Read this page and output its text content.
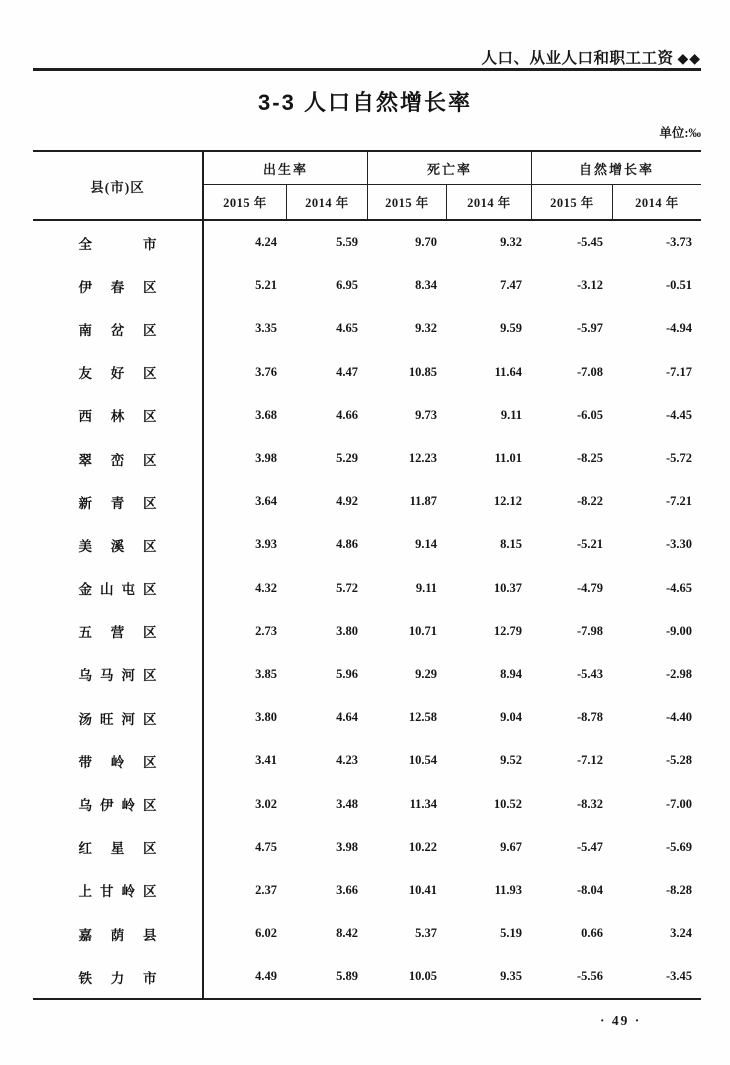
人口、从业人口和职工工资 ◆◆
3-3 人口自然增长率
单位:‰
县(市)区
出生率	死亡率	自然增长率
2015 年	2014 年	2015 年	2014 年	2015 年	2014 年
全市	4.24	5.59	9.70	9.32	-5.45	-3.73
伊春区	5.21	6.95	8.34	7.47	-3.12	-0.51
南岔区	3.35	4.65	9.32	9.59	-5.97	-4.94
友好区	3.76	4.47	10.85	11.64	-7.08	-7.17
西林区	3.68	4.66	9.73	9.11	-6.05	-4.45
翠峦区	3.98	5.29	12.23	11.01	-8.25	-5.72
新青区	3.64	4.92	11.87	12.12	-8.22	-7.21
美溪区	3.93	4.86	9.14	8.15	-5.21	-3.30
金山屯区	4.32	5.72	9.11	10.37	-4.79	-4.65
五营区	2.73	3.80	10.71	12.79	-7.98	-9.00
乌马河区	3.85	5.96	9.29	8.94	-5.43	-2.98
汤旺河区	3.80	4.64	12.58	9.04	-8.78	-4.40
带岭区	3.41	4.23	10.54	9.52	-7.12	-5.28
乌伊岭区	3.02	3.48	11.34	10.52	-8.32	-7.00
红星区	4.75	3.98	10.22	9.67	-5.47	-5.69
上甘岭区	2.37	3.66	10.41	11.93	-8.04	-8.28
嘉荫县	6.02	8.42	5.37	5.19	0.66	3.24
铁力市	4.49	5.89	10.05	9.35	-5.56	-3.45
· 49 ·
